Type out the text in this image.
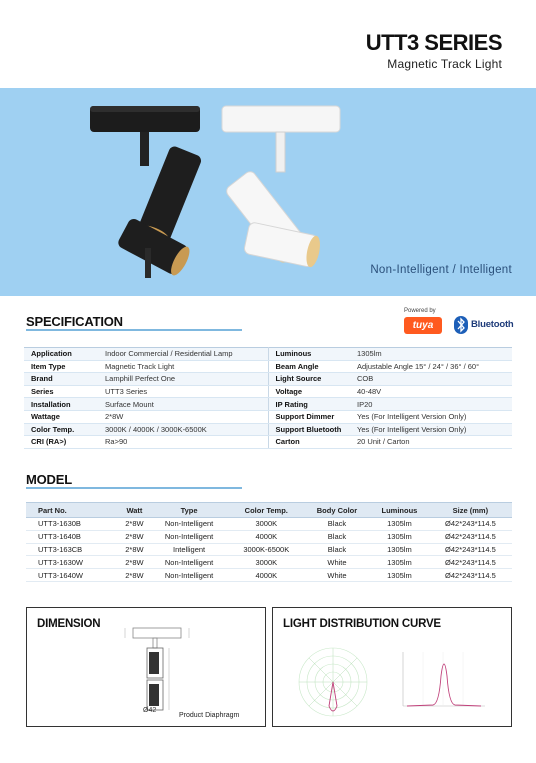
UTT3 SERIES
Magnetic Track Light
Non-Intelligent / Intelligent
SPECIFICATION
Powered by
tuya	Bluetooth
Application	Indoor Commercial / Residential Lamp	Luminous	1305lm
Item Type	Magnetic Track Light	Beam Angle	Adjustable Angle 15° / 24° / 36° / 60°
Brand	Lamphill Perfect One	Light Source	COB
Series	UTT3 Series	Voltage	40-48V
Installation	Surface Mount	IP Rating	IP20
Wattage	2*8W	Support Dimmer	Yes (For Intelligent Version Only)
Color Temp.	3000K / 4000K / 3000K-6500K	Support Bluetooth	Yes (For Intelligent Version Only)
CRI (RA>)	Ra>90	Carton	20 Unit / Carton
MODEL
Part No.	Watt	Type	Color Temp.	Body Color	Luminous	Size (mm)
UTT3-1630B	2*8W	Non-Intelligent	3000K	Black	1305lm	Ø42*243*114.5
UTT3-1640B	2*8W	Non-Intelligent	4000K	Black	1305lm	Ø42*243*114.5
UTT3-163CB	2*8W	Intelligent	3000K-6500K	Black	1305lm	Ø42*243*114.5
UTT3-1630W	2*8W	Non-Intelligent	3000K	White	1305lm	Ø42*243*114.5
UTT3-1640W	2*8W	Non-Intelligent	4000K	White	1305lm	Ø42*243*114.5
DIMENSION
Ø42
Product Diaphragm
LIGHT DISTRIBUTION CURVE
